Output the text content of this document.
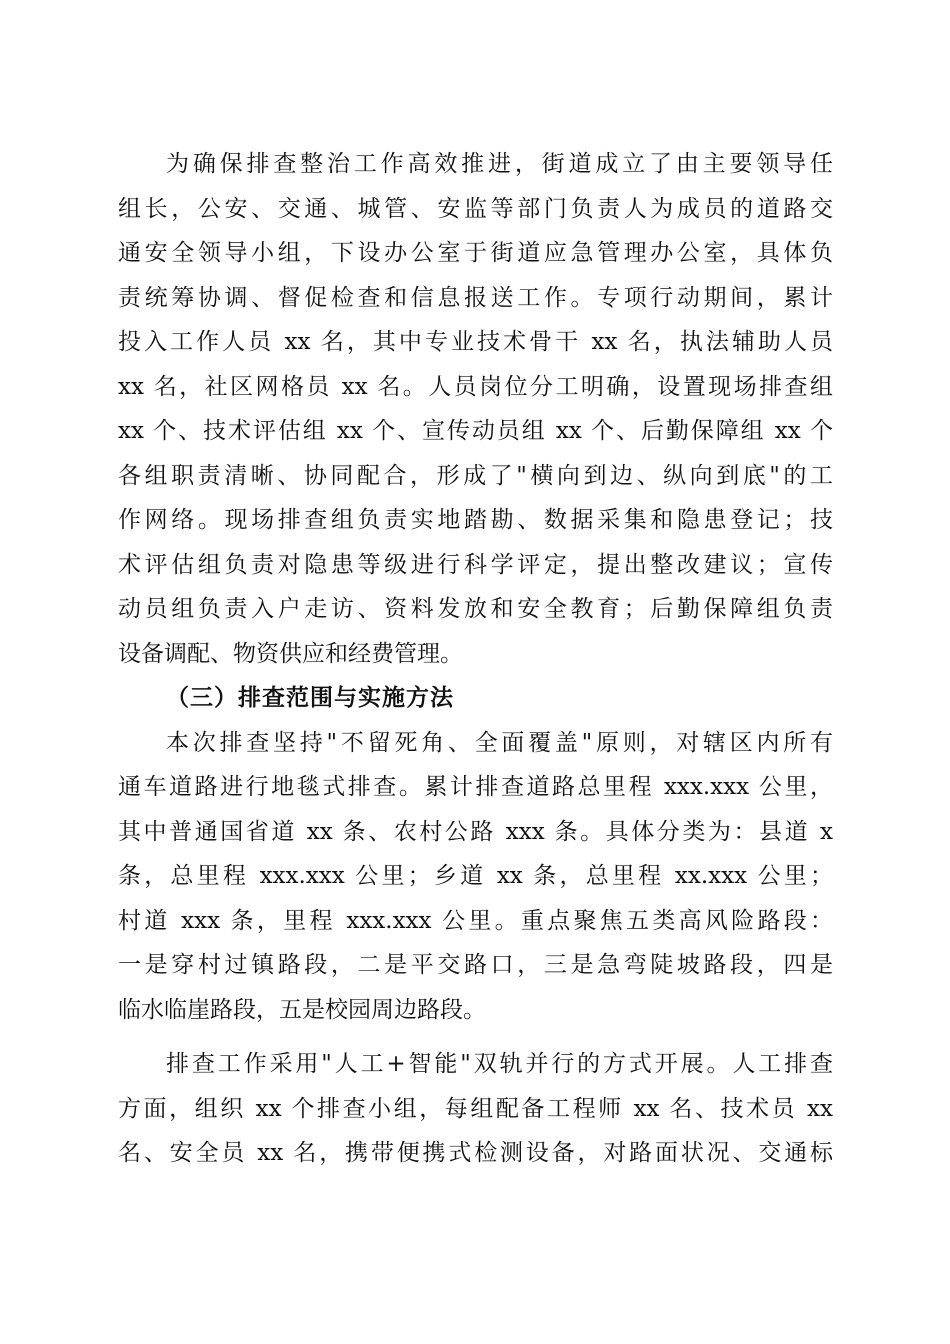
为确保排查整治工作高效推进，街道成立了由主要领导任
组长，公安、交通、城管、安监等部门负责人为成员的道路交
通安全领导小组，下设办公室于街道应急管理办公室，具体负
责统筹协调、督促检查和信息报送工作。专项行动期间，累计
投入工作人员 xx 名，其中专业技术骨干 xx 名，执法辅助人员
xx 名，社区网格员 xx 名。人员岗位分工明确，设置现场排查组
xx 个、技术评估组 xx 个、宣传动员组 xx 个、后勤保障组 xx 个
各组职责清晰、协同配合，形成了"横向到边、纵向到底"的工
作网络。现场排查组负责实地踏勘、数据采集和隐患登记；技
术评估组负责对隐患等级进行科学评定，提出整改建议；宣传
动员组负责入户走访、资料发放和安全教育；后勤保障组负责
设备调配、物资供应和经费管理。
（三）排查范围与实施方法
本次排查坚持"不留死角、全面覆盖"原则，对辖区内所有
通车道路进行地毯式排查。累计排查道路总里程 xxx.xxx 公里，
其中普通国省道 xx 条、农村公路 xxx 条。具体分类为：县道 x
条，总里程 xxx.xxx 公里；乡道 xx 条，总里程 xx.xxx 公里；
村道 xxx 条，里程 xxx.xxx 公里。重点聚焦五类高风险路段：
一是穿村过镇路段，二是平交路口，三是急弯陡坡路段，四是
临水临崖路段，五是校园周边路段。
排查工作采用"人工+智能"双轨并行的方式开展。人工排查
方面，组织 xx 个排查小组，每组配备工程师 xx 名、技术员 xx
名、安全员 xx 名，携带便携式检测设备，对路面状况、交通标
